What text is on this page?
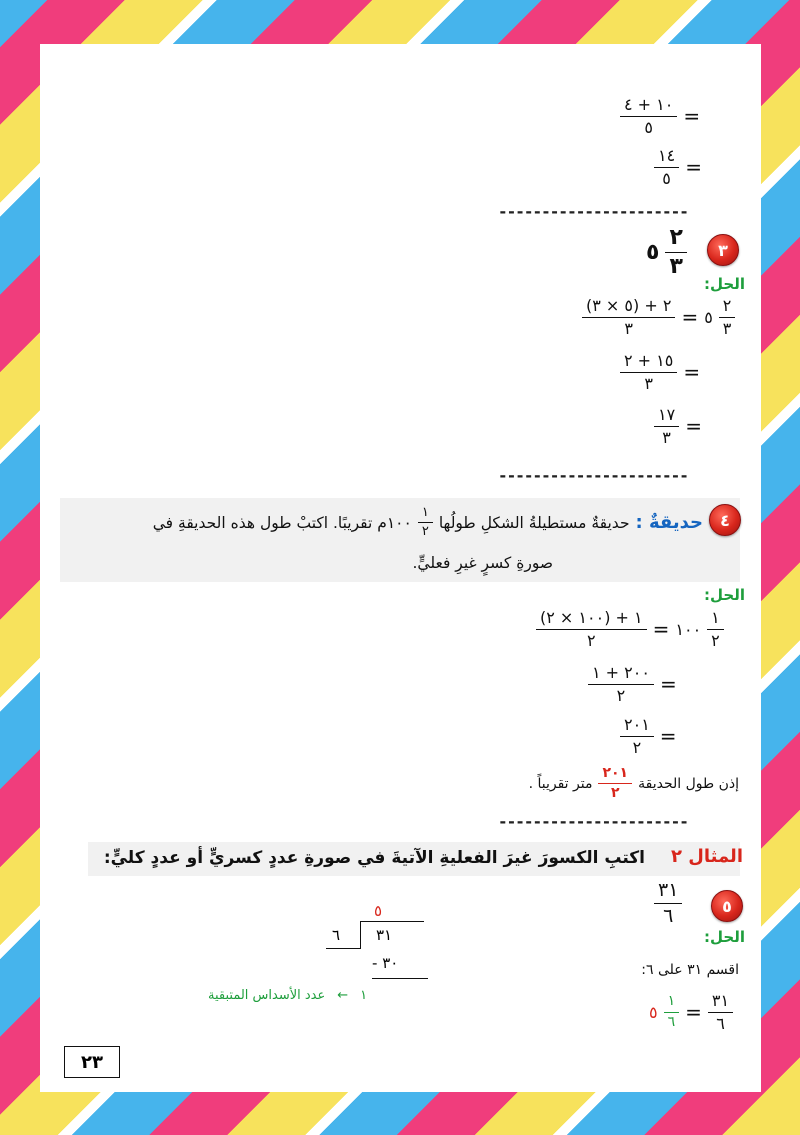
$\frac{١٠ + ٤}{٥}$ =
$\frac{١٤}{٥}$ =
----------------------
٣
٥ $\frac{٢}{٣}$
الحل:
$\frac{(٥ \times ٣) + ٢}{٣}$ = ٥ $\frac{٢}{٣}$
$\frac{١٥ + ٢}{٣}$ =
$\frac{١٧}{٣}$ =
----------------------
٤
حديقةٌ :
حديقةٌ مستطيلةُ الشكلِ طولُها
$\frac{١}{٢}$
١٠٠م تقريبًا. اكتبْ طول هذه الحديقةِ في
صورةِ كسرٍ غيرِ فعليٍّ.
الحل:
$\frac{(١٠٠ \times ٢) + ١}{٢}$ = ١٠٠ $\frac{١}{٢}$
$\frac{٢٠٠ + ١}{٢}$ =
$\frac{٢٠١}{٢}$ =
إذن طول الحديقة
$\frac{٢٠١}{٢}$
متر تقريباً .
----------------------
المثال ٢
اكتبِ الكسورَ غيرَ الفعليةِ الآتيةَ في صورةِ عددٍ كسريٍّ أو عددٍ كليٍّ:
٥
$\frac{٣١}{٦}$
الحل:
اقسم ٣١ على ٦:
٥ $\frac{١}{٦} = \frac{٣١}{٦}$
٥
٦ ٣١
٣٠ -
عدد الأسداس المتبقية ← ١
٢٣
